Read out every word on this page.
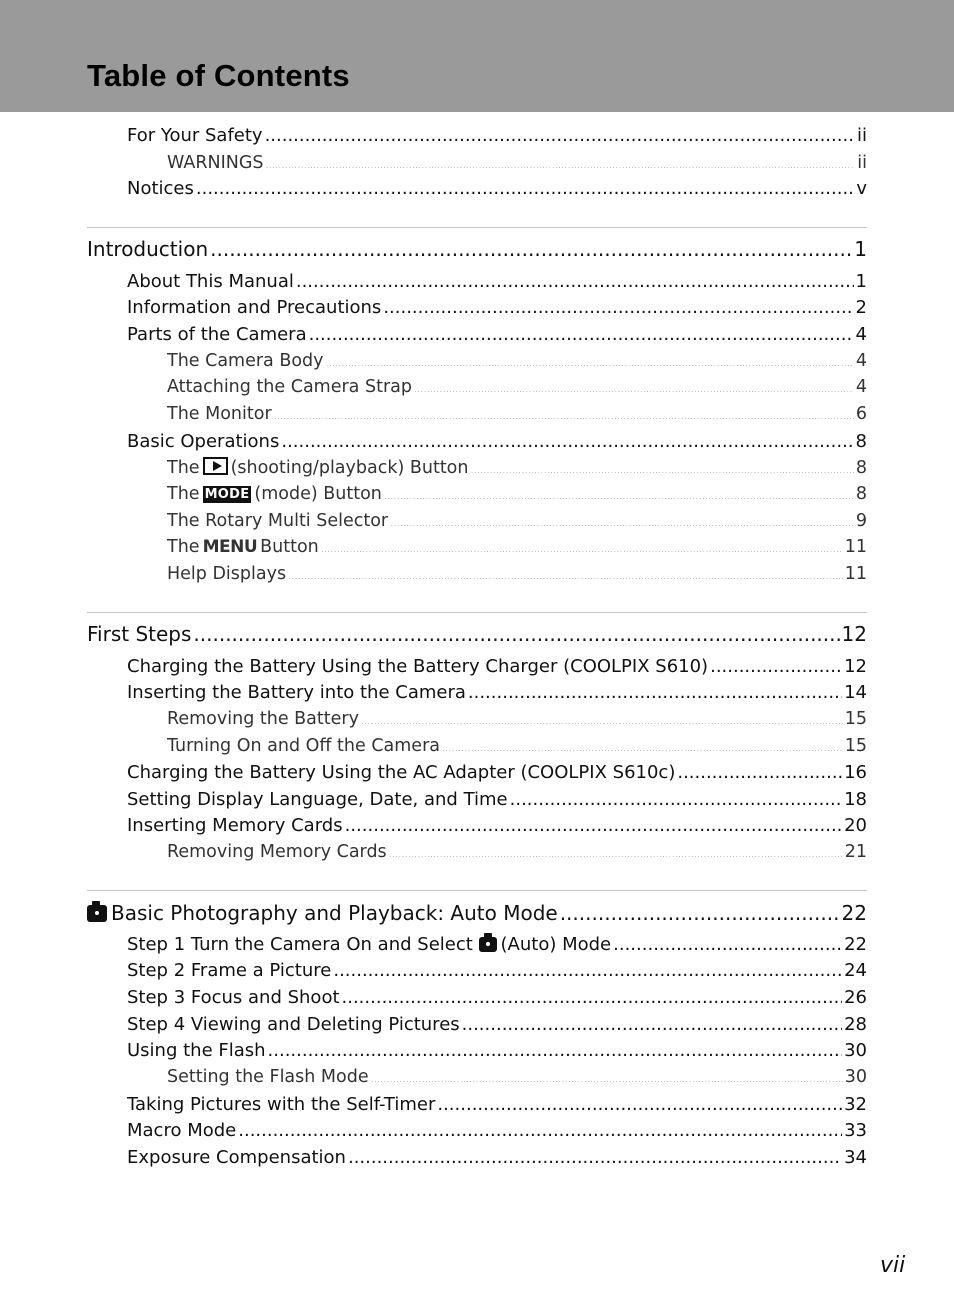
Table of Contents
For Your Safety .....	ii
WARNINGS .....	ii
Notices .....	v
Introduction .....	1
About This Manual .....	1
Information and Precautions .....	2
Parts of the Camera .....	4
The Camera Body .....	4
Attaching the Camera Strap .....	4
The Monitor .....	6
Basic Operations .....	8
The (shooting/playback) Button .....	8
The MODE (mode) Button .....	8
The Rotary Multi Selector .....	9
The MENU Button .....	11
Help Displays .....	11
First Steps .....	12
Charging the Battery Using the Battery Charger (COOLPIX S610) .....	12
Inserting the Battery into the Camera .....	14
Removing the Battery .....	15
Turning On and Off the Camera .....	15
Charging the Battery Using the AC Adapter (COOLPIX S610c) .....	16
Setting Display Language, Date, and Time .....	18
Inserting Memory Cards .....	20
Removing Memory Cards .....	21
Basic Photography and Playback: Auto Mode .....	22
Step 1 Turn the Camera On and Select (Auto) Mode .....	22
Step 2 Frame a Picture .....	24
Step 3 Focus and Shoot .....	26
Step 4 Viewing and Deleting Pictures .....	28
Using the Flash .....	30
Setting the Flash Mode .....	30
Taking Pictures with the Self-Timer .....	32
Macro Mode .....	33
Exposure Compensation .....	34
vii
